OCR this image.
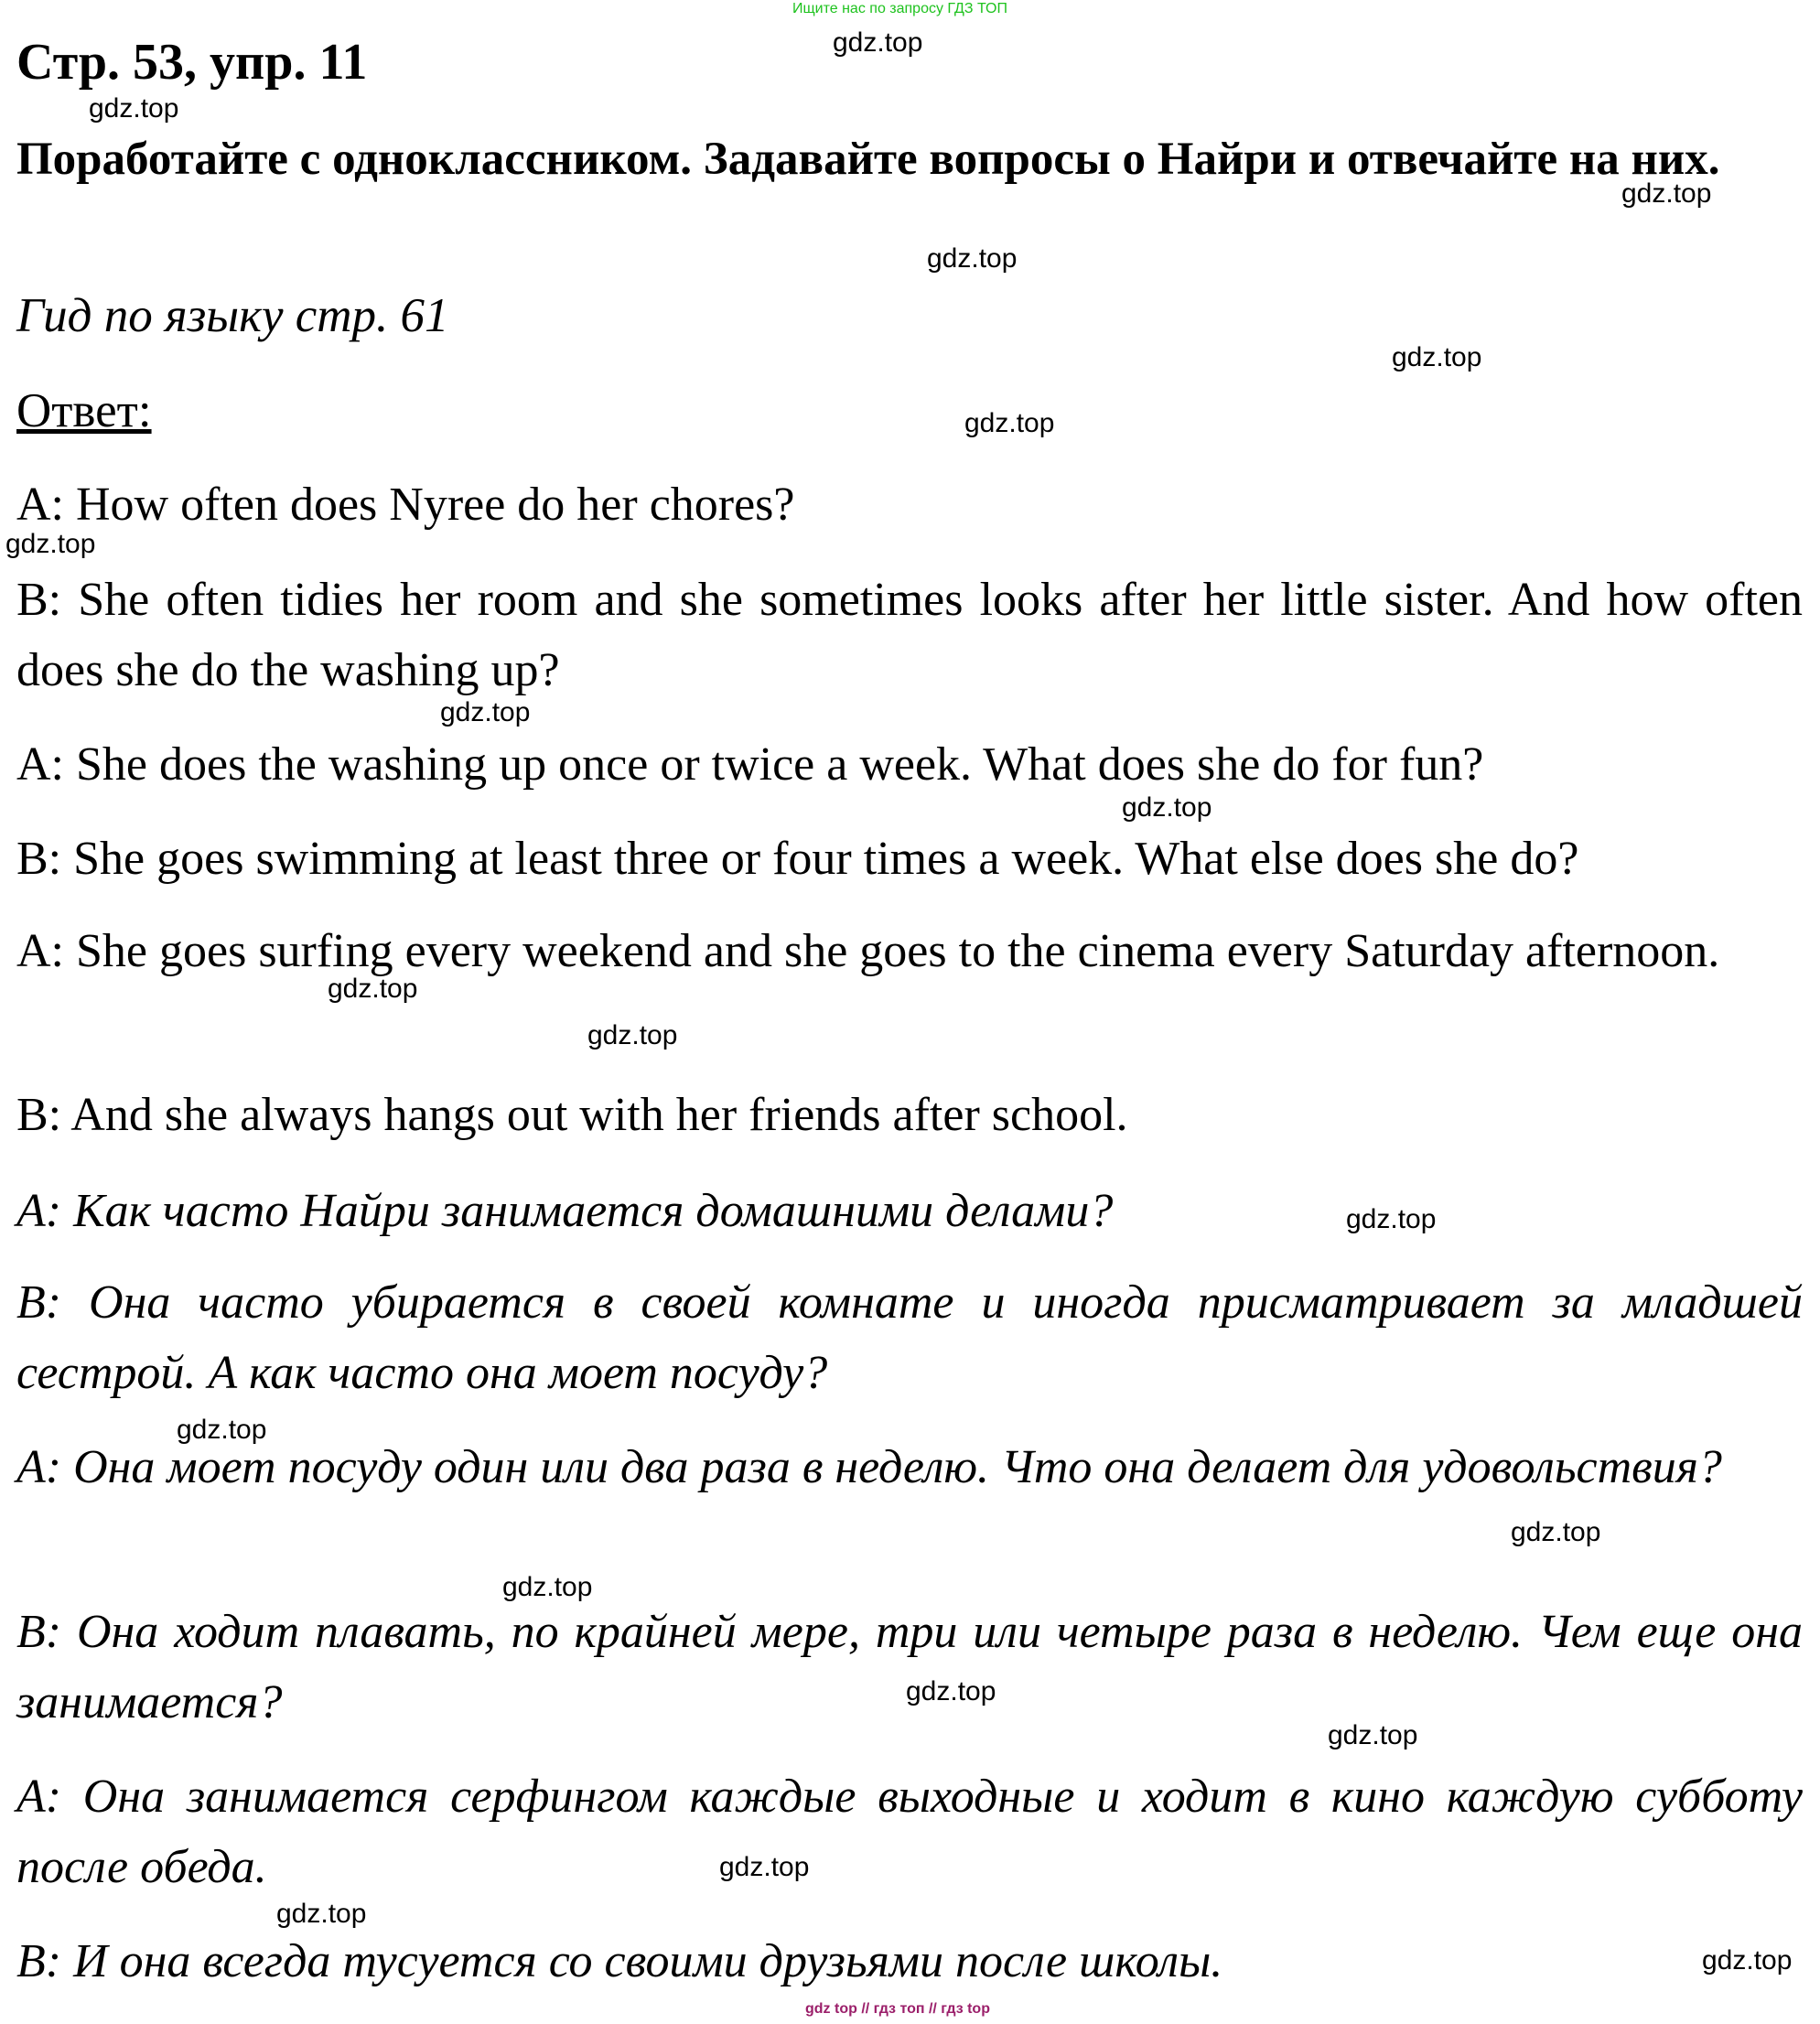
Ищите нас по запросу ГДЗ ТОП
Стр. 53, упр. 11
Поработайте с одноклассником. Задавайте вопросы о Найри и отвечайте на них.
Гид по языку стр. 61
Ответ:
A: How often does Nyree do her chores?
B: She often tidies her room and she sometimes looks after her little sister. And how often does she do the washing up?
A: She does the washing up once or twice a week. What does she do for fun?
B: She goes swimming at least three or four times a week. What else does she do?
A: She goes surfing every weekend and she goes to the cinema every Saturday afternoon.
B: And she always hangs out with her friends after school.
A: Как часто Найри занимается домашними делами?
B: Она часто убирается в своей комнате и иногда присматривает за младшей сестрой. А как часто она моет посуду?
A: Она моет посуду один или два раза в неделю. Что она делает для удовольствия?
B: Она ходит плавать, по крайней мере, три или четыре раза в неделю. Чем еще она занимается?
A: Она занимается серфингом каждые выходные и ходит в кино каждую субботу после обеда.
B: И она всегда тусуется со своими друзьями после школы.
gdz.top
gdz.top
gdz.top
gdz.top
gdz.top
gdz.top
gdz.top
gdz.top
gdz.top
gdz.top
gdz.top
gdz.top
gdz.top
gdz.top
gdz.top
gdz.top
gdz.top
gdz.top
gdz.top
gdz.top
gdz top // гдз топ // гдз top
